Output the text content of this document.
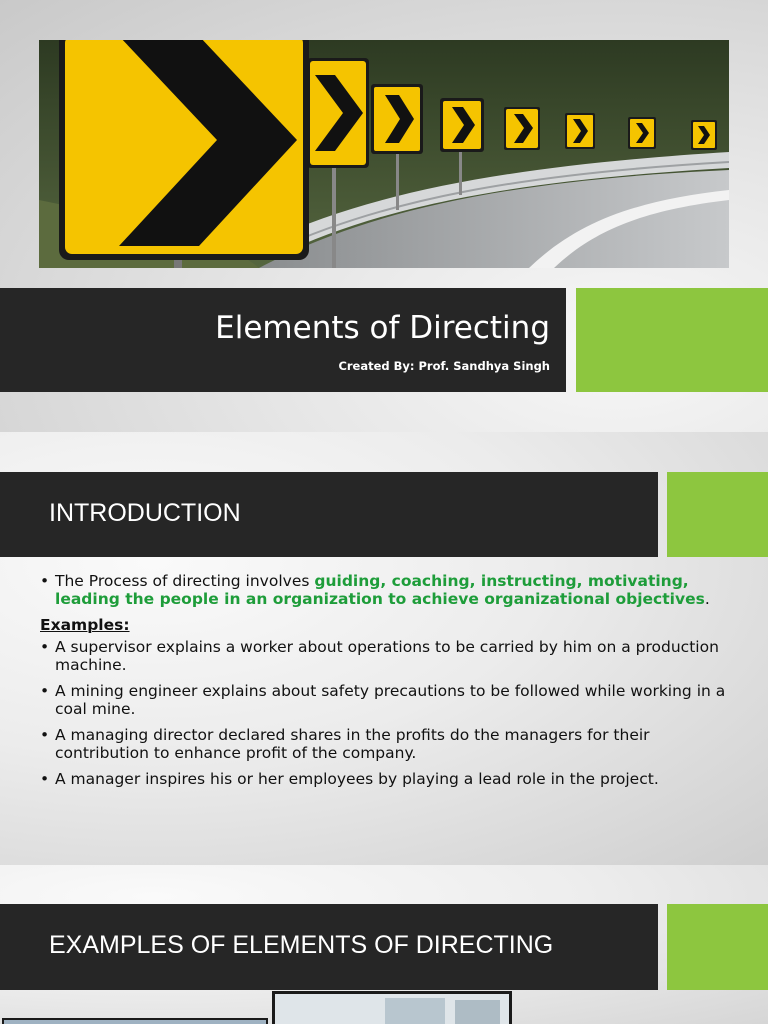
Elements of Directing
Created By: Prof. Sandhya Singh
INTRODUCTION
• The Process of directing involves guiding, coaching, instructing, motivating, leading the people in an organization to achieve organizational objectives.
Examples:
• A supervisor explains a worker about operations to be carried by him on a production machine.
• A mining engineer explains about safety precautions to be followed while working in a coal mine.
• A managing director declared shares in the profits do the managers for their contribution to enhance profit of the company.
• A manager inspires his or her employees by playing a lead role in the project.
EXAMPLES OF ELEMENTS OF DIRECTING
